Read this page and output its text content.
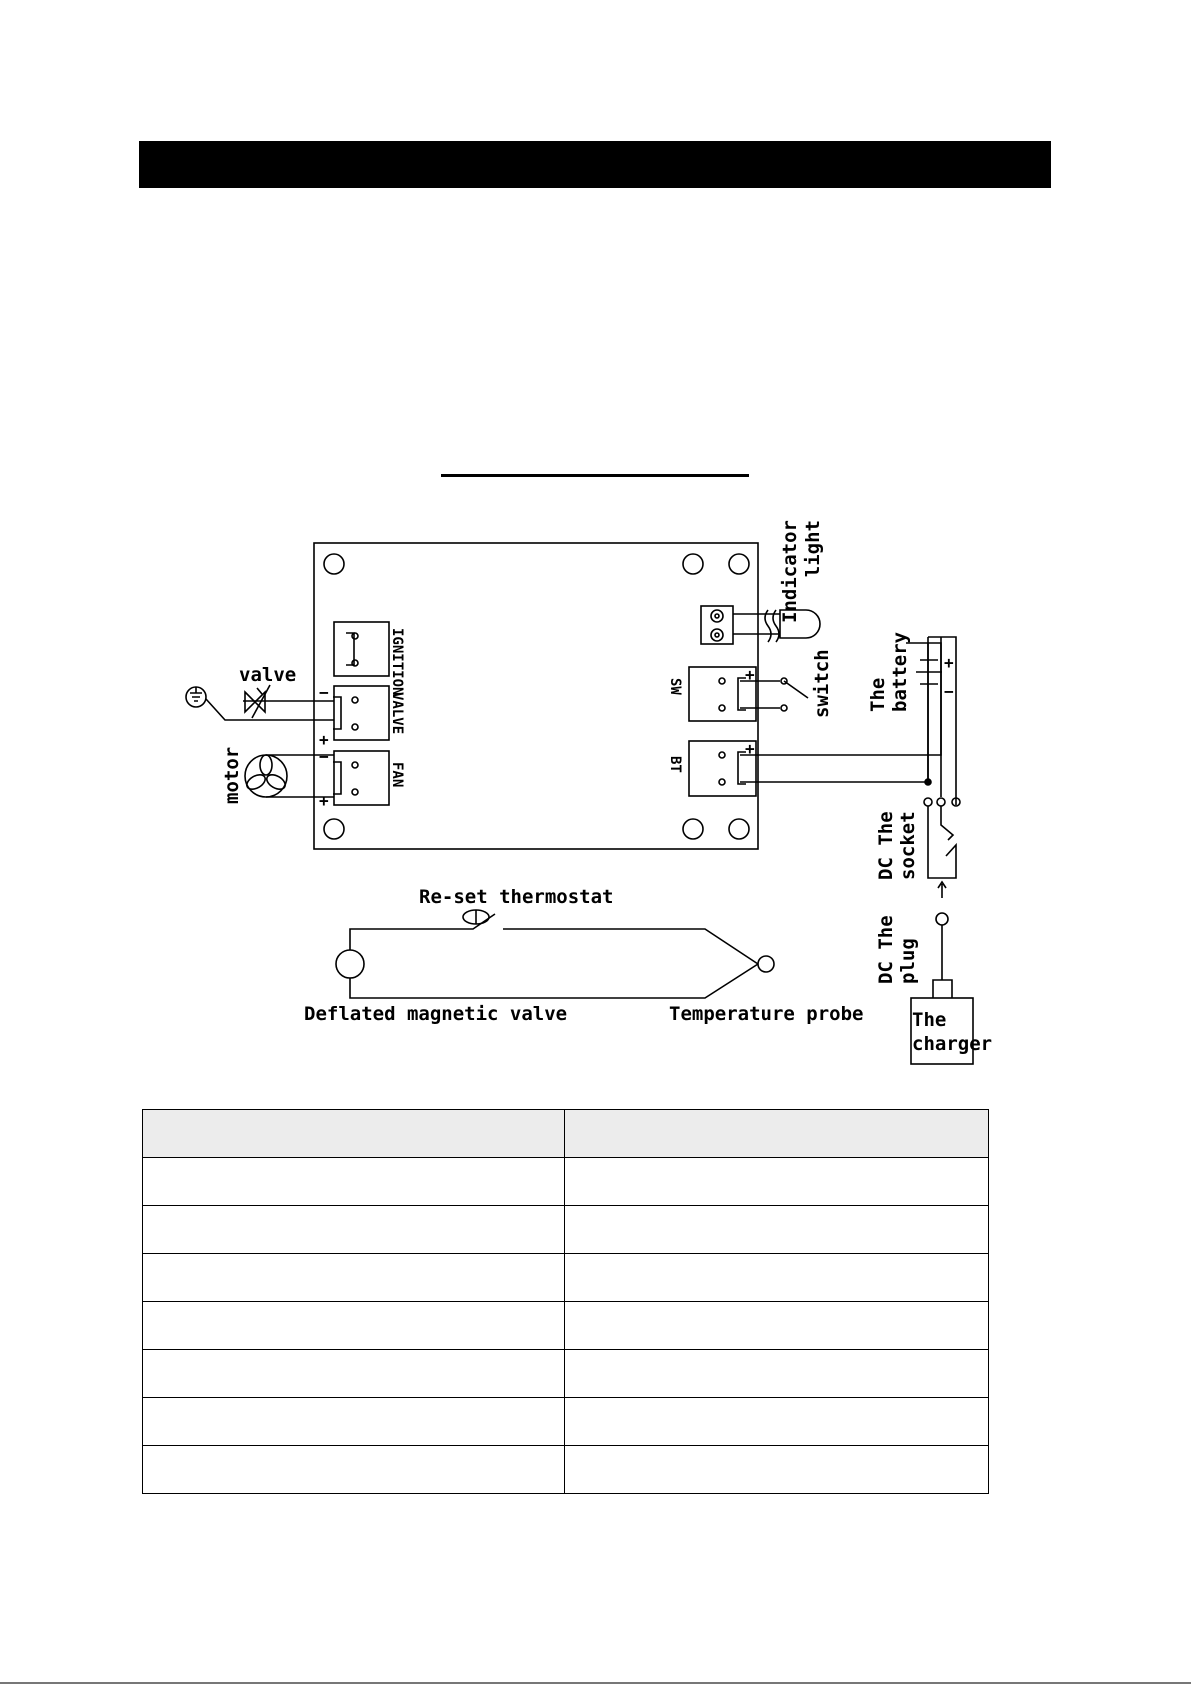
Indicator light
The battery
switch
valve
motor
IGNITION
VALVE
FAN
SW
BT
−
+
−
+
+
+
+
−
DC The socket
DC The plug
The
charger
Re-set thermostat
Deflated magnetic valve	Temperature probe
